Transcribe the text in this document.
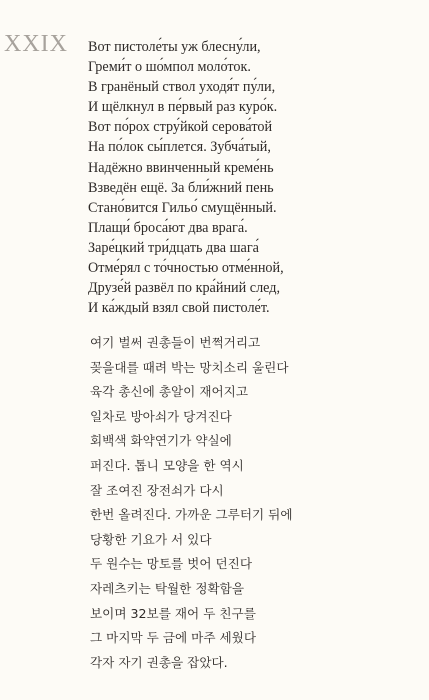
XXIX Вот пистоле́ты уж блесну́ли,
Греми́т о шо́мпол моло́ток.
В гранёный ствол уходя́т пу́ли,
И щёлкнул в пе́рвый раз куро́к.
Вот по́рох стру́йкой серова́той
На по́лок сы́плется. Зубча́тый,
Надёжно ввинченный креме́нь
Взведён ещё. За бли́жний пень
Стано́вится Гильо́ смущённый.
Плащи́ броса́ют два врага́.
Заре́цкий три́дцать два шага́
Отме́рял с то́чностью отме́нной,
Друзе́й развёл по кра́йний след,
И ка́ждый взял свой пистоле́т.
여기 벌써 권총들이 번쩍거리고
꽂을대를 때려 박는 망치소리 울린다
육각 총신에 총알이 재어지고
일차로 방아쇠가 당겨진다
회백색 화약연기가 약실에
퍼진다. 톱니 모양을 한 역시
잘 조여진 장전쇠가 다시
한번 올려진다. 가까운 그루터기 뒤에
당황한 기요가 서 있다
두 원수는 망토를 벗어 던진다
자레츠키는 탁월한 정확함을
보이며 32보를 재어 두 친구를
그 마지막 두 금에 마주 세웠다
각자 자기 권총을 잡았다.
